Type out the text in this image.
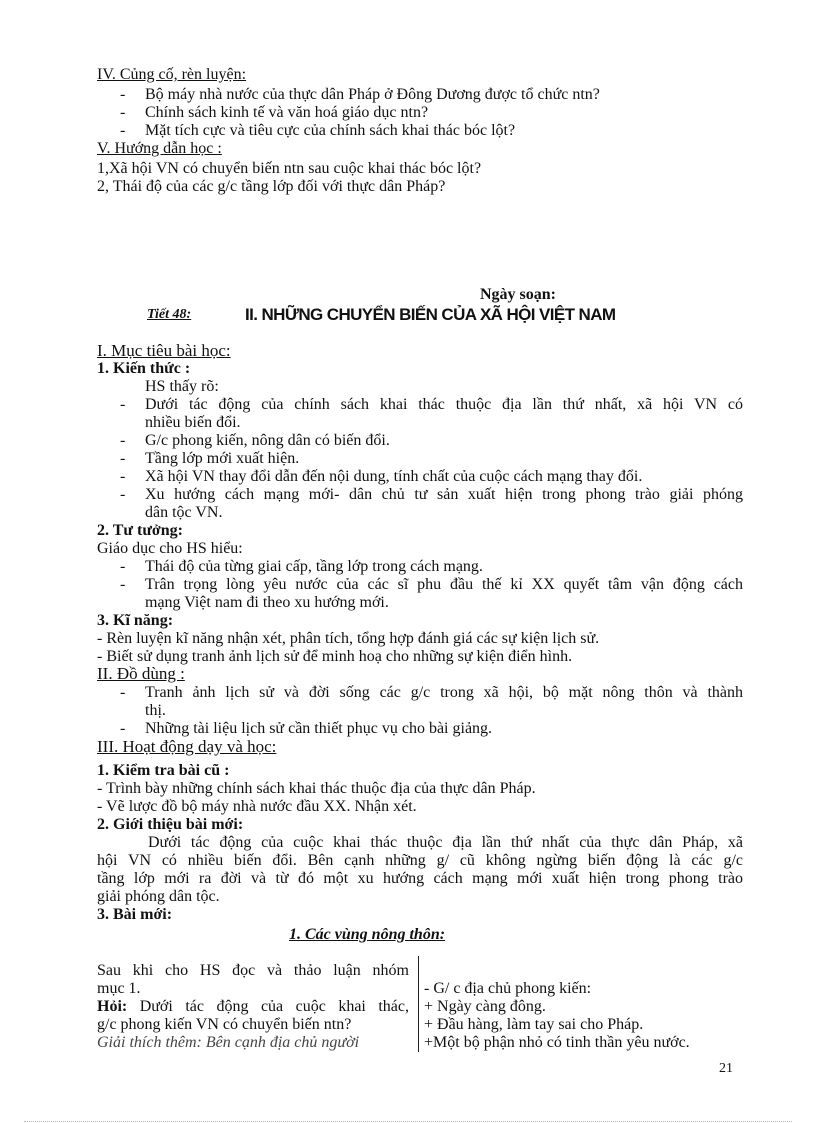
IV. Củng cố, rèn luyện:
- Bộ máy nhà nước của thực dân Pháp ở Đông Dương được tổ chức ntn?
- Chính sách kinh tế và văn hoá giáo dục ntn?
- Mặt tích cực và tiêu cực của chính sách khai thác bóc lột?
V. Hướng dẫn học :
1,Xã hội VN có chuyển biến ntn sau cuộc khai thác bóc lột?
2, Thái độ của các g/c tầng lớp đối với thực dân Pháp?
Ngày soạn:
Tiết 48:	II. NHỮNG CHUYỂN BIẾN CỦA XÃ HỘI VIỆT NAM
I. Mục tiêu bài học:
1. Kiến thức :
HS thấy rõ:
- Dưới tác động của chính sách khai thác thuộc địa lần thứ nhất, xã hội VN có
nhiều biến đổi.
- G/c phong kiến, nông dân có biến đổi.
- Tầng lớp mới xuất hiện.
- Xã hội VN thay đổi dẫn đến nội dung, tính chất của cuộc cách mạng thay đổi.
- Xu hướng cách mạng mới- dân chủ tư sản xuất hiện trong phong trào giải phóng
dân tộc VN.
2. Tư tưởng:
Giáo dục cho HS hiểu:
- Thái độ của từng giai cấp, tầng lớp trong cách mạng.
- Trân trọng lòng yêu nước của các sĩ phu đầu thế kỉ XX quyết tâm vận động cách
mạng Việt nam đi theo xu hướng mới.
3. Kĩ năng:
- Rèn luyện kĩ năng nhận xét, phân tích, tổng hợp đánh giá các sự kiện lịch sử.
- Biết sử dụng tranh ảnh lịch sử để minh hoạ cho những sự kiện điển hình.
II. Đồ dùng :
- Tranh ảnh lịch sử và đời sống các g/c trong xã hội, bộ mặt nông thôn và thành
thị.
- Những tài liệu lịch sử cần thiết phục vụ cho bài giảng.
III. Hoạt động dạy và học:
1. Kiểm tra bài cũ :
- Trình bày những chính sách khai thác thuộc địa của thực dân Pháp.
- Vẽ lược đồ bộ máy nhà nước đầu XX. Nhận xét.
2. Giới thiệu bài mới:
Dưới tác động của cuộc khai thác thuộc địa lần thứ nhất của thực dân Pháp, xã
hội VN có nhiều biến đổi. Bên cạnh những g/ cũ không ngừng biến động là các g/c
tầng lớp mới ra đời và từ đó một xu hướng cách mạng mới xuất hiện trong phong trào
giải phóng dân tộc.
3. Bài mới:
1. Các vùng nông thôn:
Sau khi cho HS đọc và thảo luận nhóm
mục 1.
Hỏi: Dưới tác động của cuộc khai thác,
g/c phong kiến VN có chuyển biến ntn?
Giải thích thêm: Bên cạnh địa chủ người
- G/ c địa chủ phong kiến:
+ Ngày càng đông.
+ Đầu hàng, làm tay sai cho Pháp.
+Một bộ phận nhỏ có tinh thần yêu nước.
21
